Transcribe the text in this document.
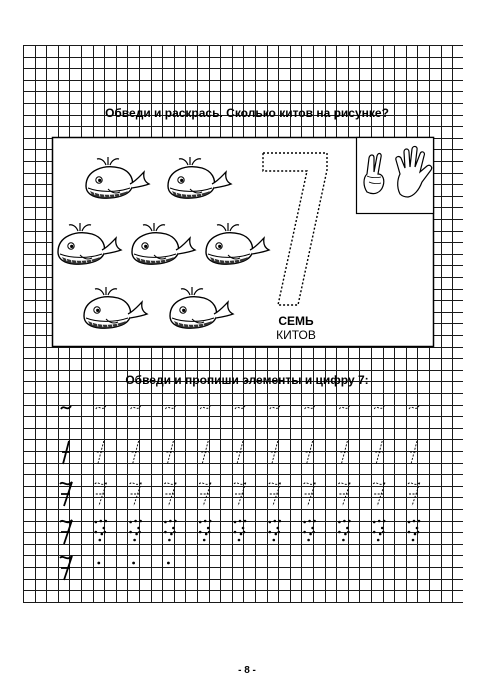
Обведи и раскрась. Сколько китов на рисунке?
СЕМЬ
КИТОВ
Обведи и пропиши элементы и цифру 7:
- 8 -
